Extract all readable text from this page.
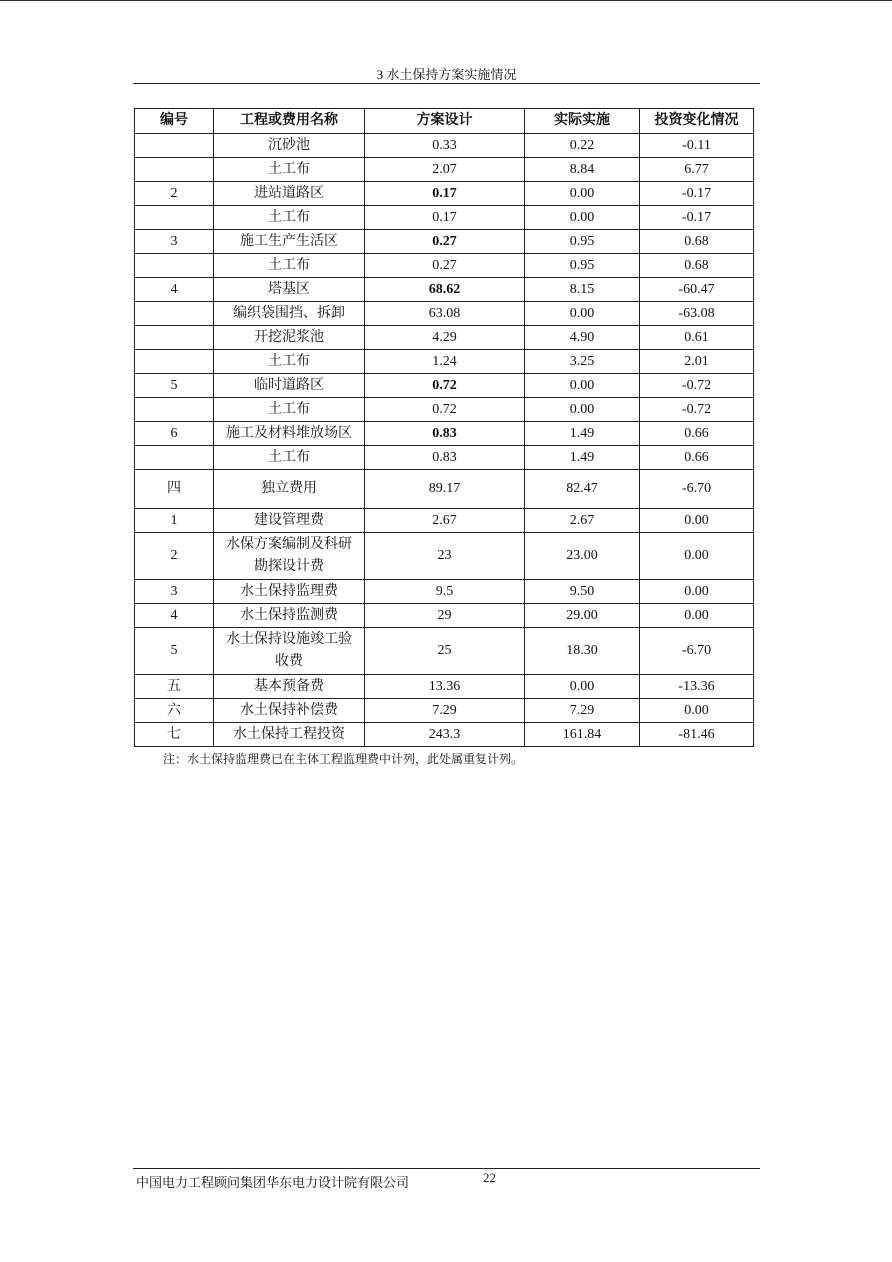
3 水土保持方案实施情况
编号	工程或费用名称	方案设计	实际实施	投资变化情况
	沉砂池	0.33	0.22	-0.11
	土工布	2.07	8.84	6.77
2	进站道路区	0.17	0.00	-0.17
	土工布	0.17	0.00	-0.17
3	施工生产生活区	0.27	0.95	0.68
	土工布	0.27	0.95	0.68
4	塔基区	68.62	8.15	-60.47
	编织袋围挡、拆卸	63.08	0.00	-63.08
	开挖泥浆池	4.29	4.90	0.61
	土工布	1.24	3.25	2.01
5	临时道路区	0.72	0.00	-0.72
	土工布	0.72	0.00	-0.72
6	施工及材料堆放场区	0.83	1.49	0.66
	土工布	0.83	1.49	0.66
四	独立费用	89.17	82.47	-6.70
1	建设管理费	2.67	2.67	0.00
2	水保方案编制及科研
勘探设计费	23	23.00	0.00
3	水土保持监理费	9.5	9.50	0.00
4	水土保持监测费	29	29.00	0.00
5	水土保持设施竣工验
收费	25	18.30	-6.70
五	基本预备费	13.36	0.00	-13.36
六	水土保持补偿费	7.29	7.29	0.00
七	水土保持工程投资	243.3	161.84	-81.46
注：水土保持监理费已在主体工程监理费中计列，此处属重复计列。
中国电力工程顾问集团华东电力设计院有限公司	22
